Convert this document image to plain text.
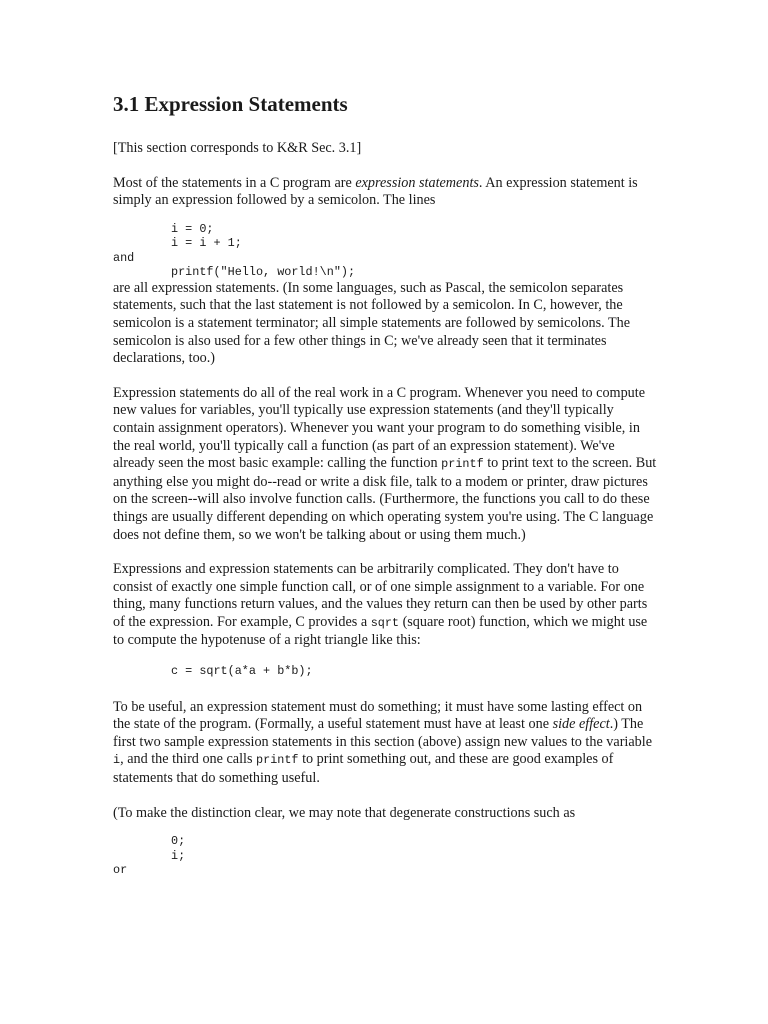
3.1 Expression Statements

[This section corresponds to K&R Sec. 3.1]

Most of the statements in a C program are expression statements. An expression statement is simply an expression followed by a semicolon. The lines

i = 0;
i = i + 1;
and
printf("Hello, world!\n");

are all expression statements. (In some languages, such as Pascal, the semicolon separates statements, such that the last statement is not followed by a semicolon. In C, however, the semicolon is a statement terminator; all simple statements are followed by semicolons. The semicolon is also used for a few other things in C; we've already seen that it terminates declarations, too.)

Expression statements do all of the real work in a C program. Whenever you need to compute new values for variables, you'll typically use expression statements (and they'll typically contain assignment operators). Whenever you want your program to do something visible, in the real world, you'll typically call a function (as part of an expression statement). We've already seen the most basic example: calling the function printf to print text to the screen. But anything else you might do--read or write a disk file, talk to a modem or printer, draw pictures on the screen--will also involve function calls. (Furthermore, the functions you call to do these things are usually different depending on which operating system you're using. The C language does not define them, so we won't be talking about or using them much.)

Expressions and expression statements can be arbitrarily complicated. They don't have to consist of exactly one simple function call, or of one simple assignment to a variable. For one thing, many functions return values, and the values they return can then be used by other parts of the expression. For example, C provides a sqrt (square root) function, which we might use to compute the hypotenuse of a right triangle like this:

c = sqrt(a*a + b*b);

To be useful, an expression statement must do something; it must have some lasting effect on the state of the program. (Formally, a useful statement must have at least one side effect.) The first two sample expression statements in this section (above) assign new values to the variable i, and the third one calls printf to print something out, and these are good examples of statements that do something useful.

(To make the distinction clear, we may note that degenerate constructions such as

0;
i;
or
